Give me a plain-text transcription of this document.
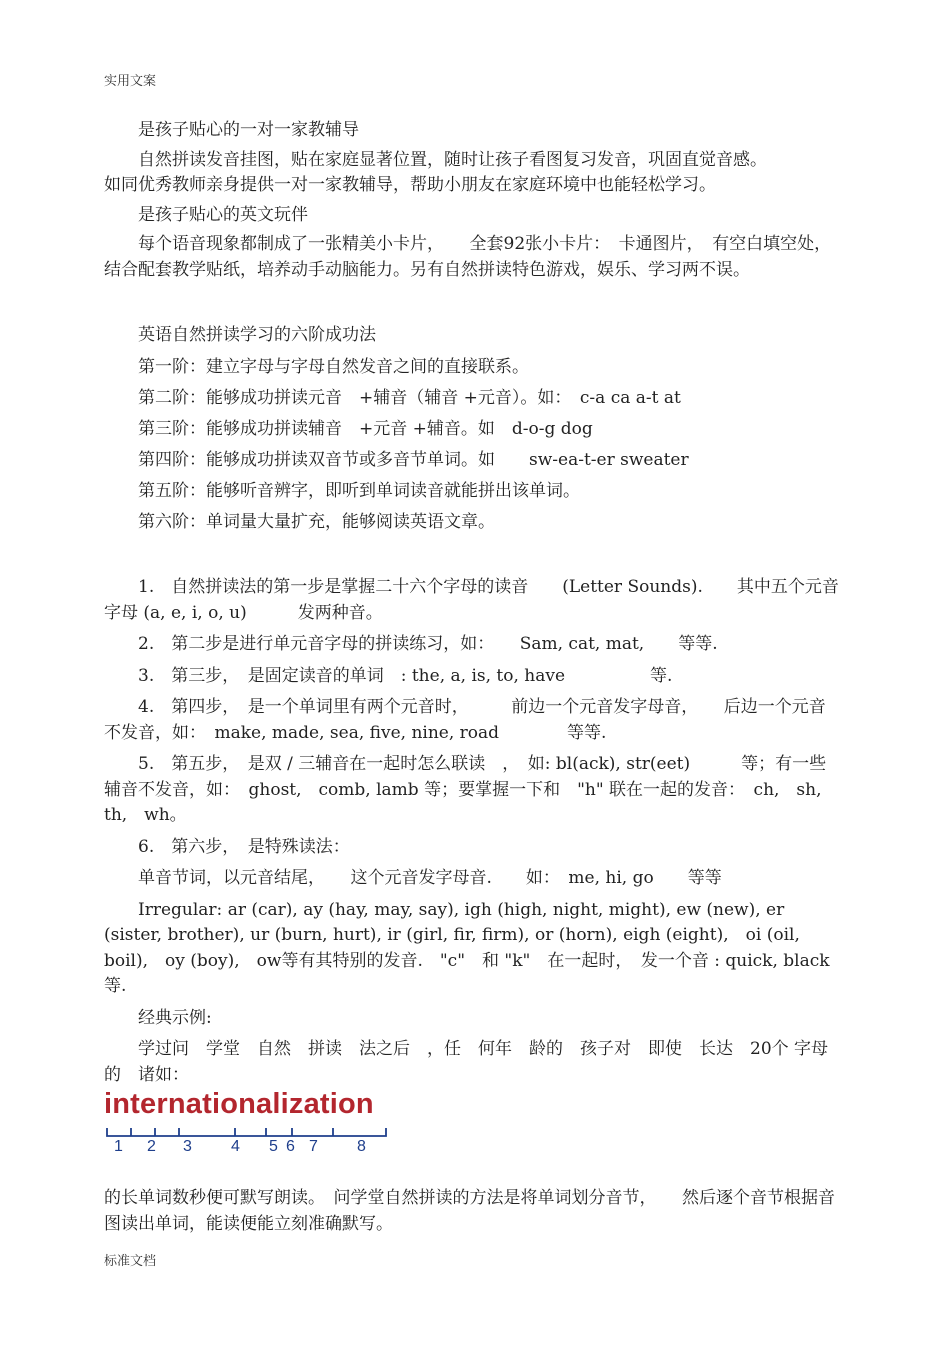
实用文案

是孩子贴心的一对一家教辅导

自然拼读发音挂图，贴在家庭显著位置，随时让孩子看图复习发音，巩固直觉音感。

如同优秀教师亲身提供一对一家教辅导，帮助小朋友在家庭环境中也能轻松学习。

是孩子贴心的英文玩伴

每个语音现象都制成了一张精美小卡片，　　全套92张小卡片：　卡通图片，　有空白填空处，结合配套教学贴纸，培养动手动脑能力。另有自然拼读特色游戏，娱乐、学习两不误。

英语自然拼读学习的六阶成功法

第一阶：建立字母与字母自然发音之间的直接联系。

第二阶：能够成功拼读元音　+辅音（辅音 +元音）。如：　c-a ca a-t at

第三阶：能够成功拼读辅音　+元音 +辅音。如　d-o-g dog

第四阶：能够成功拼读双音节或多音节单词。如　　sw-ea-t-er sweater

第五阶：能够听音辨字，即听到单词读音就能拼出该单词。

第六阶：单词量大量扩充，能够阅读英语文章。

1.　自然拼读法的第一步是掌握二十六个字母的读音　　(Letter Sounds).　　其中五个元音字母 (a, e, i, o, u)　　　发两种音。

2.　第二步是进行单元音字母的拼读练习，如：　　Sam, cat, mat,　　等等.

3.　第三步，　是固定读音的单词　: the, a, is, to, have　　　　　等.

4.　第四步，　是一个单词里有两个元音时，　　　前边一个元音发字母音，　　后边一个元音不发音，如：　make, made, sea, five, nine, road　　　　等等.

5.　第五步，　是双 / 三辅音在一起时怎么联读　，　如: bl(ack), str(eet)　　　等；有一些辅音不发音，如：　ghost,　comb, lamb 等；要掌握一下和　"h" 联在一起的发音：　ch,　sh,　th,　wh。

6.　第六步，　是特殊读法：

单音节词，以元音结尾，　　这个元音发字母音.　　如：　me, hi, go　　等等

Irregular: ar (car), ay (hay, may, say), igh (high, night, might), ew (new), er (sister, brother), ur (burn, hurt), ir (girl, fir, firm), or (horn), eigh (eight),　oi (oil,　boil),　oy (boy),　ow等有其特别的发音.　"c"　和 "k"　在一起时，　发一个音 : quick, black　　等.

经典示例:

学过问　学堂　自然　拼读　法之后　，任　何年　龄的　孩子对　即使　长达　20个 字母的　诸如：

internationalization
1 2 3 4 5 6 7 8

的长单词数秒便可默写朗读。　问学堂自然拼读的方法是将单词划分音节，　　然后逐个音节根据音图读出单词，能读便能立刻准确默写。

标准文档
